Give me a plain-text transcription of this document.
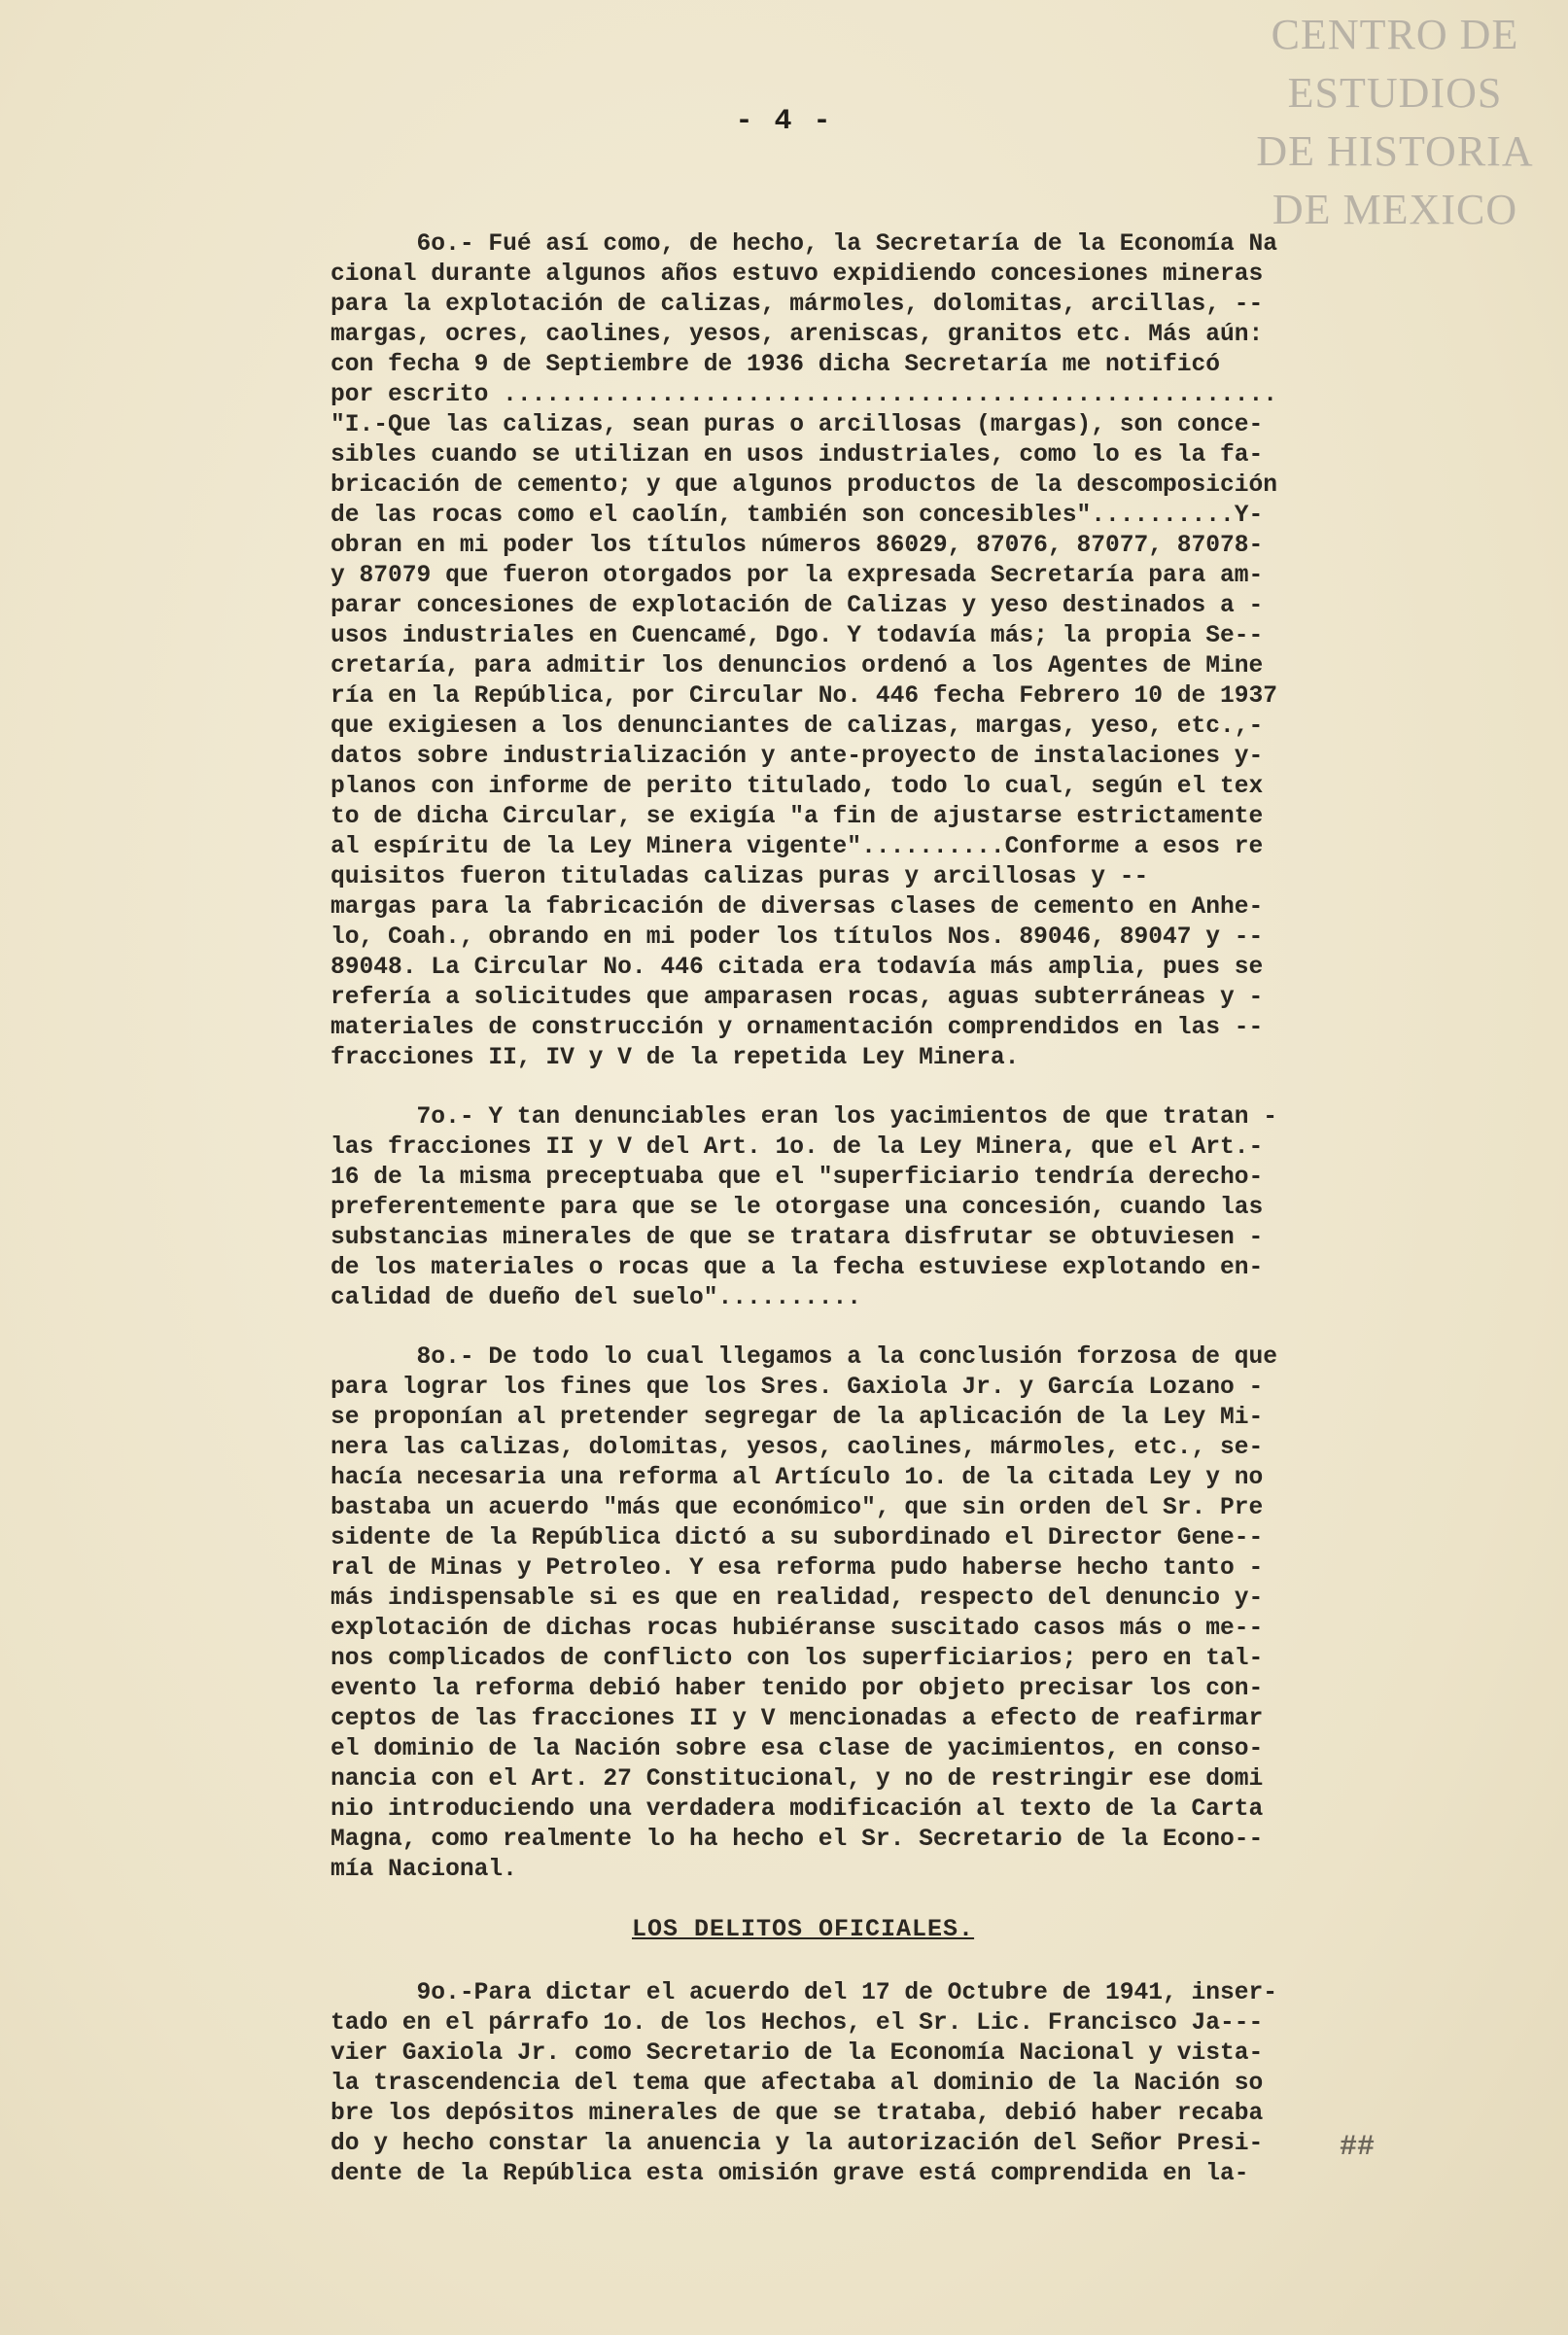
CENTRO DE
ESTUDIOS
DE HISTORIA
DE MEXICO
- 4 -
6o.- Fué así como, de hecho, la Secretaría de la Economía Na
cional durante algunos años estuvo expidiendo concesiones mineras
para la explotación de calizas, mármoles, dolomitas, arcillas, --
margas, ocres, caolines, yesos, areniscas, granitos etc. Más aún:
con fecha 9 de Septiembre de 1936 dicha Secretaría me notificó
por escrito ......................................................
"I.-Que las calizas, sean puras o arcillosas (margas), son conce-
sibles cuando se utilizan en usos industriales, como lo es la fa-
bricación de cemento; y que algunos productos de la descomposición
de las rocas como el caolín, también son concesibles"..........Y-
obran en mi poder los títulos números 86029, 87076, 87077, 87078-
y 87079 que fueron otorgados por la expresada Secretaría para am-
parar concesiones de explotación de Calizas y yeso destinados a -
usos industriales en Cuencamé, Dgo. Y todavía más; la propia Se--
cretaría, para admitir los denuncios ordenó a los Agentes de Mine
ría en la República, por Circular No. 446 fecha Febrero 10 de 1937
que exigiesen a los denunciantes de calizas, margas, yeso, etc.,-
datos sobre industrialización y ante-proyecto de instalaciones y-
planos con informe de perito titulado, todo lo cual, según el tex
to de dicha Circular, se exigía "a fin de ajustarse estrictamente
al espíritu de la Ley Minera vigente"..........Conforme a esos re
quisitos fueron tituladas calizas puras y arcillosas y --
margas para la fabricación de diversas clases de cemento en Anhe-
lo, Coah., obrando en mi poder los títulos Nos. 89046, 89047 y --
89048. La Circular No. 446 citada era todavía más amplia, pues se
refería a solicitudes que amparasen rocas, aguas subterráneas y -
materiales de construcción y ornamentación comprendidos en las --
fracciones II, IV y V de la repetida Ley Minera.
7o.- Y tan denunciables eran los yacimientos de que tratan -
las fracciones II y V del Art. 1o. de la Ley Minera, que el Art.-
16 de la misma preceptuaba que el "superficiario tendría derecho-
preferentemente para que se le otorgase una concesión, cuando las
substancias minerales de que se tratara disfrutar se obtuviesen -
de los materiales o rocas que a la fecha estuviese explotando en-
calidad de dueño del suelo"..........
8o.- De todo lo cual llegamos a la conclusión forzosa de que
para lograr los fines que los Sres. Gaxiola Jr. y García Lozano -
se proponían al pretender segregar de la aplicación de la Ley Mi-
nera las calizas, dolomitas, yesos, caolines, mármoles, etc., se-
hacía necesaria una reforma al Artículo 1o. de la citada Ley y no
bastaba un acuerdo "más que económico", que sin orden del Sr. Pre
sidente de la República dictó a su subordinado el Director Gene--
ral de Minas y Petroleo. Y esa reforma pudo haberse hecho tanto -
más indispensable si es que en realidad, respecto del denuncio y-
explotación de dichas rocas hubiéranse suscitado casos más o me--
nos complicados de conflicto con los superficiarios; pero en tal-
evento la reforma debió haber tenido por objeto precisar los con-
ceptos de las fracciones II y V mencionadas a efecto de reafirmar
el dominio de la Nación sobre esa clase de yacimientos, en conso-
nancia con el Art. 27 Constitucional, y no de restringir ese domi
nio introduciendo una verdadera modificación al texto de la Carta
Magna, como realmente lo ha hecho el Sr. Secretario de la Econo--
mía Nacional.
LOS DELITOS OFICIALES.
9o.-Para dictar el acuerdo del 17 de Octubre de 1941, inser-
tado en el párrafo 1o. de los Hechos, el Sr. Lic. Francisco Ja---
vier Gaxiola Jr. como Secretario de la Economía Nacional y vista-
la trascendencia del tema que afectaba al dominio de la Nación so
bre los depósitos minerales de que se trataba, debió haber recaba
do y hecho constar la anuencia y la autorización del Señor Presi-
dente de la República esta omisión grave está comprendida en la-
##
